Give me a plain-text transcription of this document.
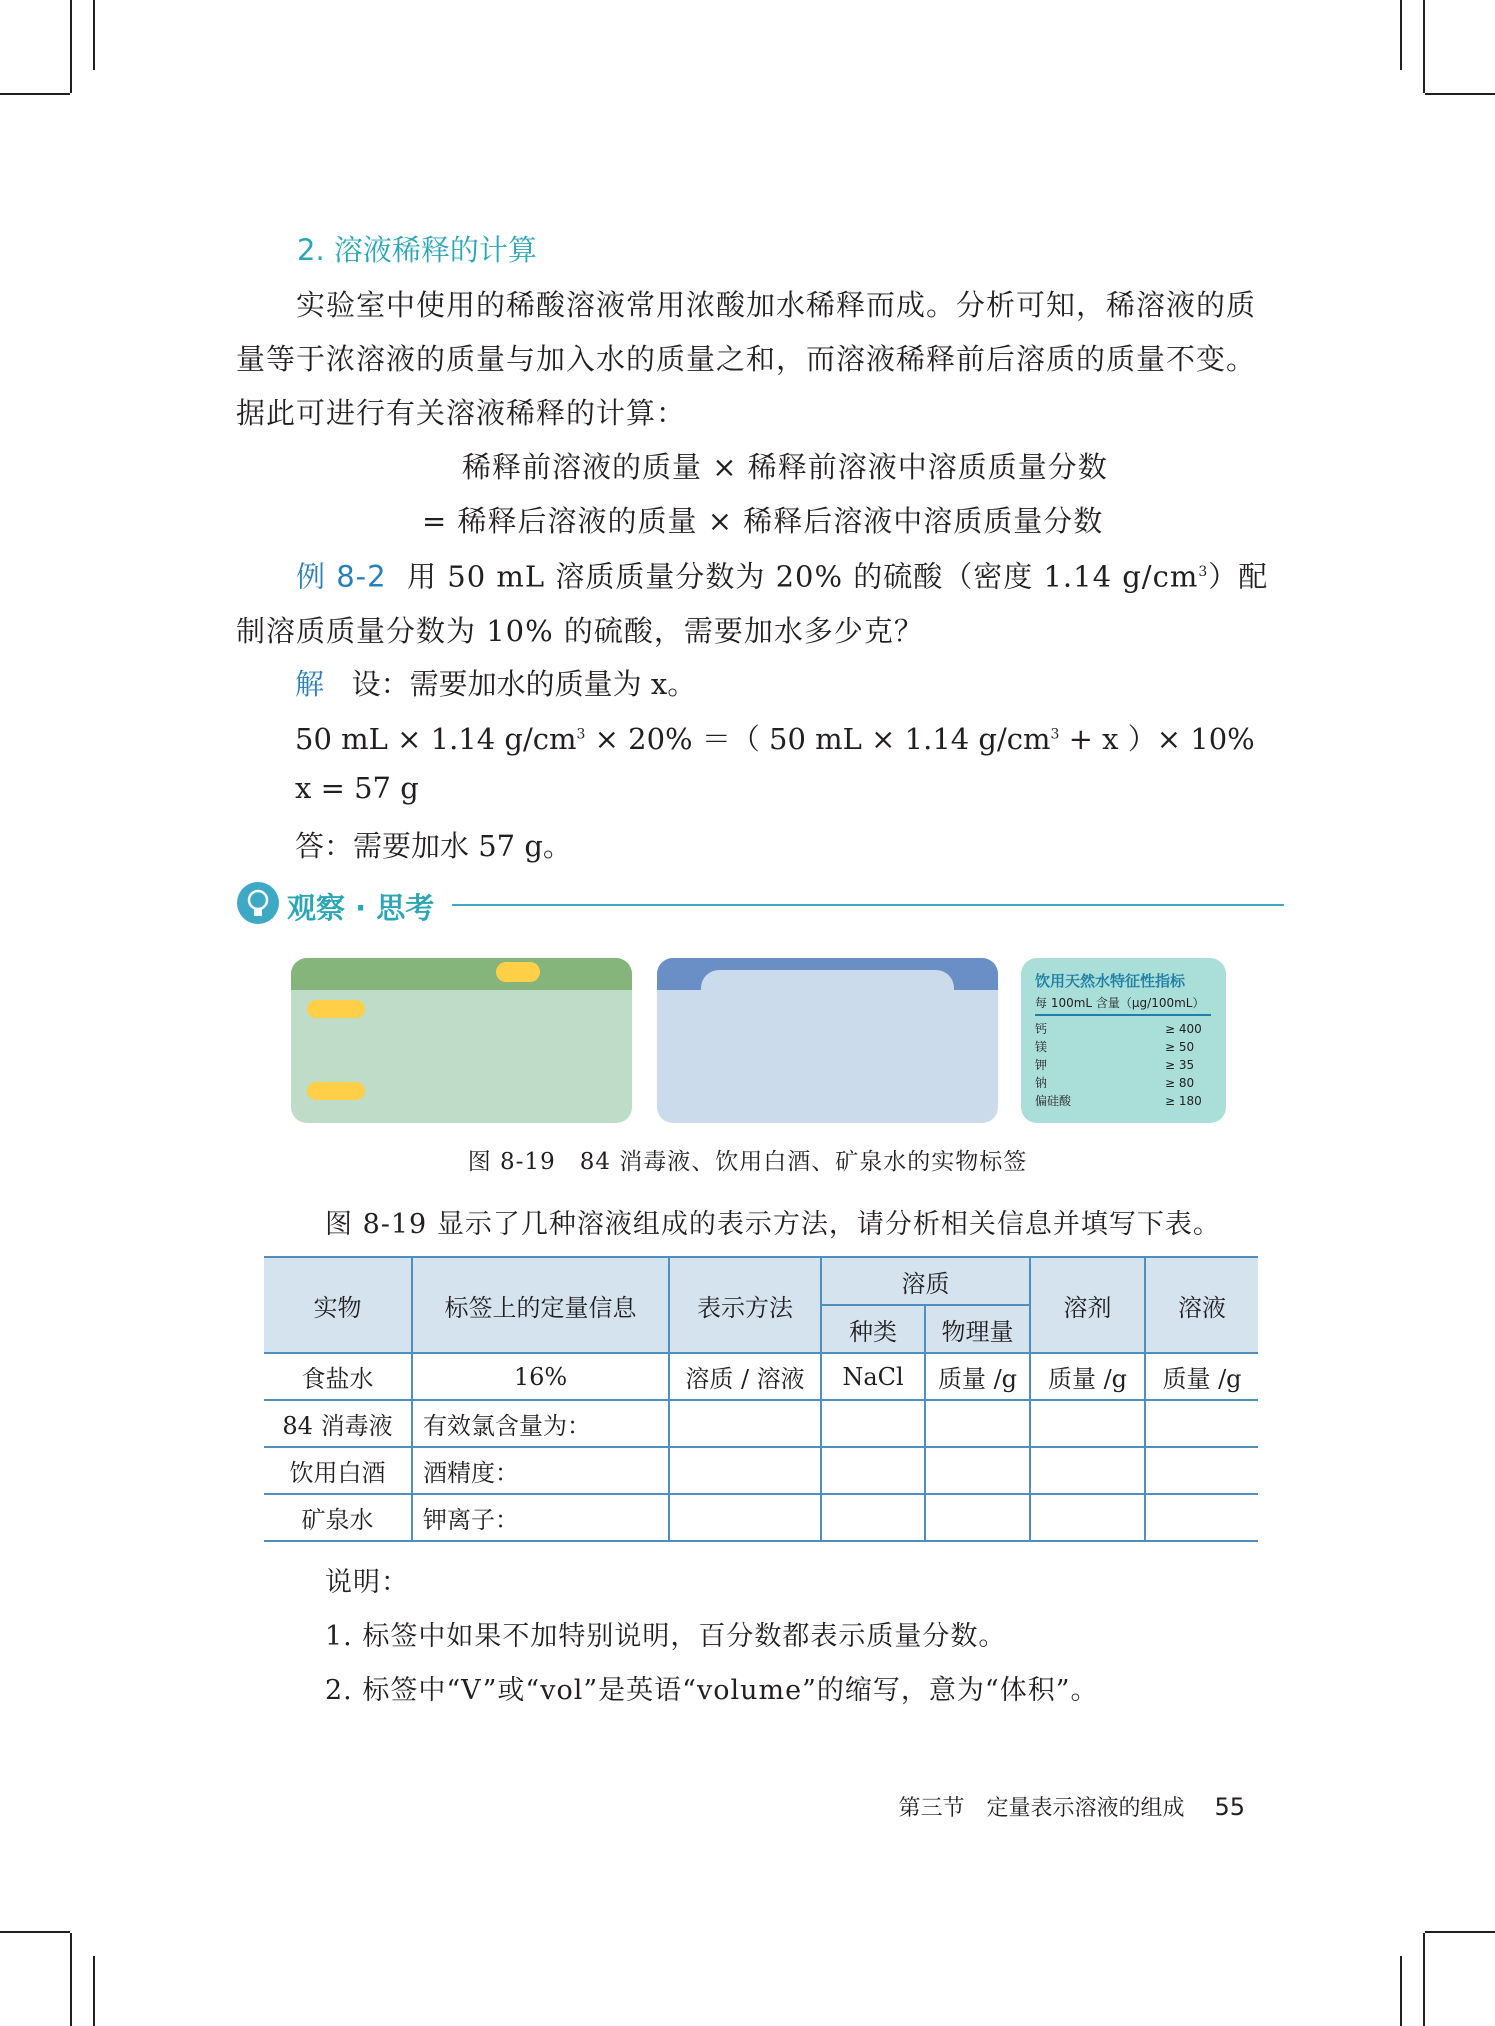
2. 溶液稀释的计算
实验室中使用的稀酸溶液常用浓酸加水稀释而成。分析可知，稀溶液的质量等于浓溶液的质量与加入水的质量之和，而溶液稀释前后溶质的质量不变。据此可进行有关溶液稀释的计算：
稀释前溶液的质量 × 稀释前溶液中溶质质量分数
= 稀释后溶液的质量 × 稀释后溶液中溶质质量分数
例 8-2 用 50 mL 溶质质量分数为 20% 的硫酸（密度 1.14 $g/cm^3$）配制溶质质量分数为 10% 的硫酸，需要加水多少克？
解 设：需要加水的质量为 x。
50 mL × 1.14 $g/cm^3 \times 20\%$ ＝（ 50 mL × 1.14 $g/cm^3 + x$ ）× 10%
x = 57 g
答：需要加水 57 g。
观察 · 思考
饮用天然水特征性指标
每 100mL 含量（μg/100mL）
钙	≥ 400
镁	≥ 50
钾	≥ 35
钠	≥ 80
偏硅酸	≥ 180
图 8-19　84 消毒液、饮用白酒、矿泉水的实物标签
图 8-19 显示了几种溶液组成的表示方法，请分析相关信息并填写下表。
实物	标签上的定量信息	表示方法	溶质		溶剂	溶液
			种类	物理量		
食盐水	16%	溶质 / 溶液	NaCl	质量 /g	质量 /g	质量 /g
84 消毒液	有效氯含量为：					
饮用白酒	酒精度：					
矿泉水	钾离子：					
说明：
1. 标签中如果不加特别说明，百分数都表示质量分数。
2. 标签中“V”或“vol”是英语“volume”的缩写，意为“体积”。
第三节　定量表示溶液的组成 55
